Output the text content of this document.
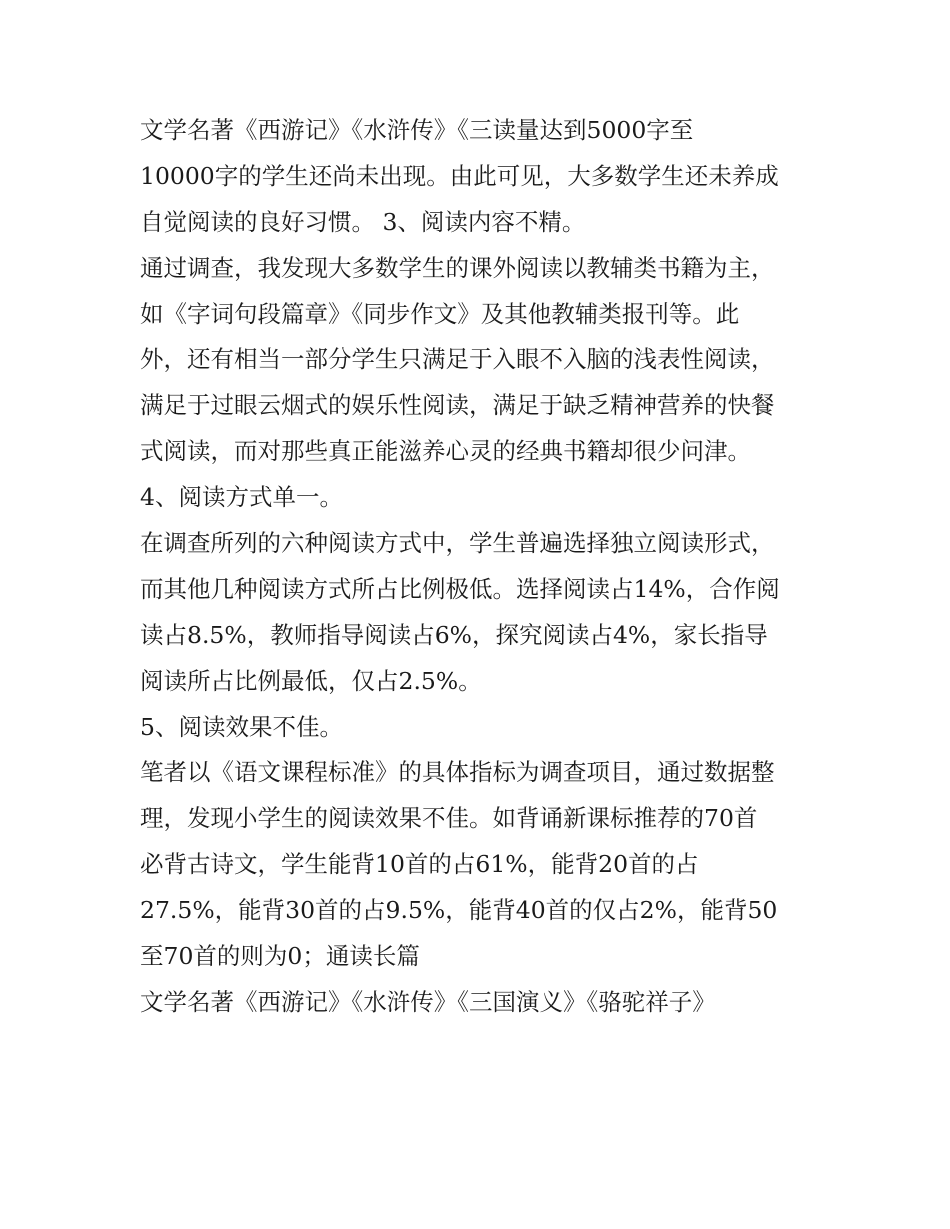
文学名著《西游记》《水浒传》《三读量达到5000字至
10000字的学生还尚未出现。由此可见，大多数学生还未养成
自觉阅读的良好习惯。 3、阅读内容不精。
通过调查，我发现大多数学生的课外阅读以教辅类书籍为主，
如《字词句段篇章》《同步作文》及其他教辅类报刊等。此
外，还有相当一部分学生只满足于入眼不入脑的浅表性阅读，
满足于过眼云烟式的娱乐性阅读，满足于缺乏精神营养的快餐
式阅读，而对那些真正能滋养心灵的经典书籍却很少问津。
4、阅读方式单一。
在调查所列的六种阅读方式中，学生普遍选择独立阅读形式，
而其他几种阅读方式所占比例极低。选择阅读占14%，合作阅
读占8.5%，教师指导阅读占6%，探究阅读占4%，家长指导
阅读所占比例最低，仅占2.5%。
5、阅读效果不佳。
笔者以《语文课程标准》的具体指标为调查项目，通过数据整
理，发现小学生的阅读效果不佳。如背诵新课标推荐的70首
必背古诗文，学生能背10首的占61%，能背20首的占
27.5%，能背30首的占9.5%，能背40首的仅占2%，能背50
至70首的则为0；通读长篇
文学名著《西游记》《水浒传》《三国演义》《骆驼祥子》
